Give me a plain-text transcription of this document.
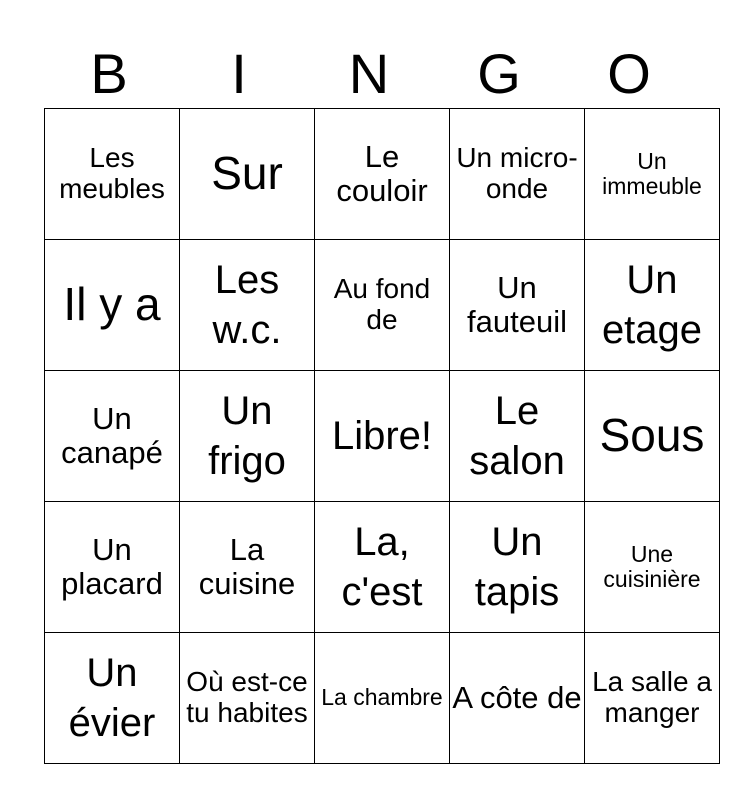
B	I	N	G	O
Les meubles	Sur	Le couloir	Un micro-onde	Un immeuble

Il y a	Les w.c.	Au fond de	Un fauteuil	Un etage

Un canapé	Un frigo	Libre!	Le salon	Sous

Un placard	La cuisine	La, c'est	Un tapis	Une cuisinière

Un évier	Où est-ce tu habites	La chambre	A côte de	La salle a manger
